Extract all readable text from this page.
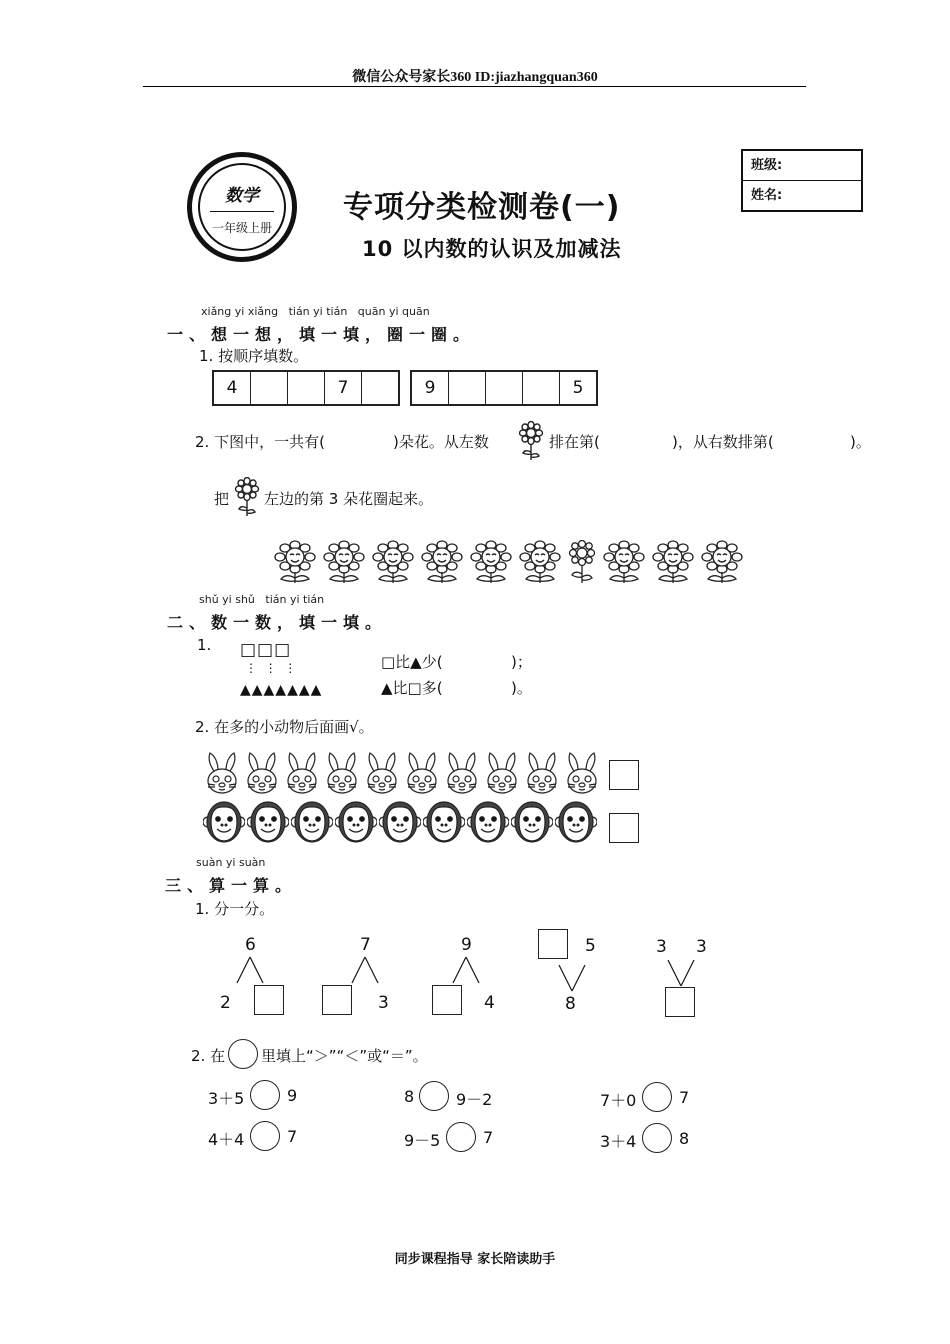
微信公众号家长360 ID:jiazhangquan360
数学
一年级上册
专项分类检测卷(一)
10 以内数的认识及加减法
班级:
姓名:
xiǎng yi xiǎng   tián yi tián   quān yi quān
一、想一想，填一填，圈一圈。
1. 按顺序填数。
4	7	9	5
2. 下图中，一共有(	)朵花。从左数	排在第(	)，从右数排第(	)。
把 左边的第 3 朵花圈起来。
shǔ yi shǔ   tián yi tián
二、数一数，填一填。
1. □□□
⋮  ⋮  ⋮
▲▲▲▲▲▲▲
□比▲少(	)；
▲比□多(	)。
2. 在多的小动物后面画√。
suàn yi suàn
三、算一算。
1. 分一分。
6
2
7
3
9
4
5
8
3 3
2. 在 里填上“＞”“＜”或“＝”。
3＋5	9	8	9－2	7＋0	7
4＋4	7	9－5	7	3＋4	8
同步课程指导 家长陪读助手
